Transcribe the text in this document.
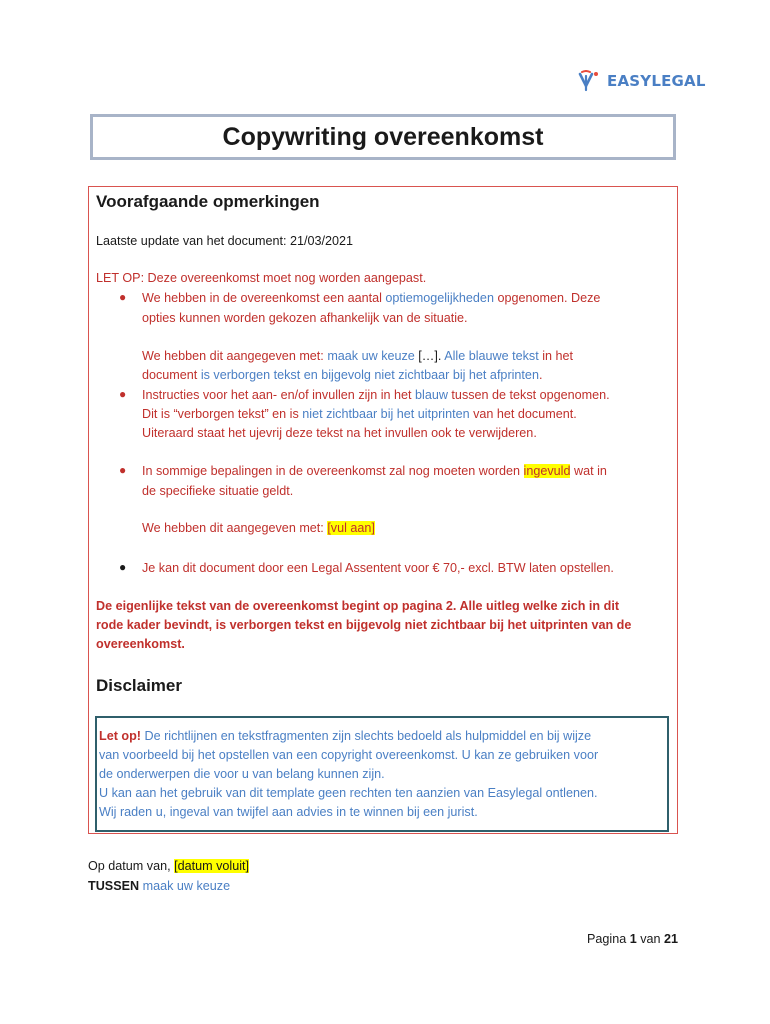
EASYLEGAL
Copywriting overeenkomst
Voorafgaande opmerkingen
Laatste update van het document: 21/03/2021
LET OP: Deze overeenkomst moet nog worden aangepast.
● We hebben in de overeenkomst een aantal optiemogelijkheden opgenomen. Deze
opties kunnen worden gekozen afhankelijk van de situatie.
We hebben dit aangegeven met: maak uw keuze […]. Alle blauwe tekst in het
document is verborgen tekst en bijgevolg niet zichtbaar bij het afprinten.
● Instructies voor het aan- en/of invullen zijn in het blauw tussen de tekst opgenomen.
Dit is “verborgen tekst” en is niet zichtbaar bij het uitprinten van het document.
Uiteraard staat het ujevrij deze tekst na het invullen ook te verwijderen.
● In sommige bepalingen in de overeenkomst zal nog moeten worden ingevuld wat in
de specifieke situatie geldt.
We hebben dit aangegeven met: [vul aan]
● Je kan dit document door een Legal Assentent voor € 70,- excl. BTW laten opstellen.
De eigenlijke tekst van de overeenkomst begint op pagina 2. Alle uitleg welke zich in dit
rode kader bevindt, is verborgen tekst en bijgevolg niet zichtbaar bij het uitprinten van de
overeenkomst.
Disclaimer
Let op! De richtlijnen en tekstfragmenten zijn slechts bedoeld als hulpmiddel en bij wijze
van voorbeeld bij het opstellen van een copyright overeenkomst. U kan ze gebruiken voor
de onderwerpen die voor u van belang kunnen zijn.
U kan aan het gebruik van dit template geen rechten ten aanzien van Easylegal ontlenen.
Wij raden u, ingeval van twijfel aan advies in te winnen bij een jurist.
Op datum van, [datum voluit]
TUSSEN maak uw keuze
Pagina 1 van 21
